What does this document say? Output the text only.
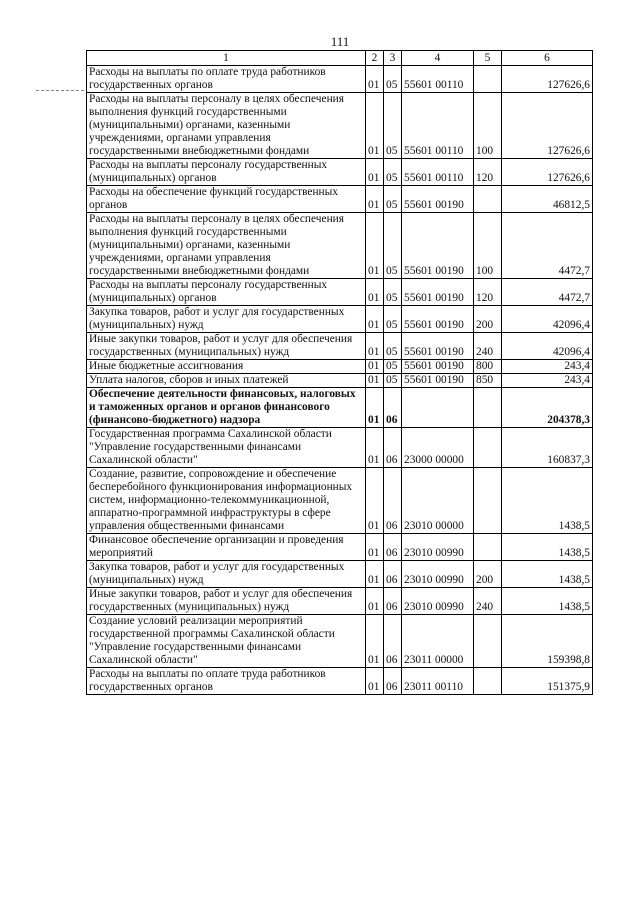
111
1	2	3	4	5	6
Расходы на выплаты по оплате труда работников государственных органов	01	05	55601 00110		127626,6
Расходы на выплаты персоналу в целях обеспечения выполнения функций государственными (муниципальными) органами, казенными учреждениями, органами управления государственными внебюджетными фондами	01	05	55601 00110	100	127626,6
Расходы на выплаты персоналу государственных (муниципальных) органов	01	05	55601 00110	120	127626,6
Расходы на обеспечение функций государственных органов	01	05	55601 00190		46812,5
Расходы на выплаты персоналу в целях обеспечения выполнения функций государственными (муниципальными) органами, казенными учреждениями, органами управления государственными внебюджетными фондами	01	05	55601 00190	100	4472,7
Расходы на выплаты персоналу государственных (муниципальных) органов	01	05	55601 00190	120	4472,7
Закупка товаров, работ и услуг для государственных (муниципальных) нужд	01	05	55601 00190	200	42096,4
Иные закупки товаров, работ и услуг для обеспечения государственных (муниципальных) нужд	01	05	55601 00190	240	42096,4
Иные бюджетные ассигнования	01	05	55601 00190	800	243,4
Уплата налогов, сборов и иных платежей	01	05	55601 00190	850	243,4
Обеспечение деятельности финансовых, налоговых и таможенных органов и органов финансового (финансово-бюджетного) надзора	01	06			204378,3
Государственная программа Сахалинской области "Управление государственными финансами Сахалинской области"	01	06	23000 00000		160837,3
Создание, развитие, сопровождение и обеспечение бесперебойного функционирования информационных систем, информационно-телекоммуникационной, аппаратно-программной инфраструктуры в сфере управления общественными финансами	01	06	23010 00000		1438,5
Финансовое обеспечение организации и проведения мероприятий	01	06	23010 00990		1438,5
Закупка товаров, работ и услуг для государственных (муниципальных) нужд	01	06	23010 00990	200	1438,5
Иные закупки товаров, работ и услуг для обеспечения государственных (муниципальных) нужд	01	06	23010 00990	240	1438,5
Создание условий реализации мероприятий государственной программы Сахалинской области "Управление государственными финансами Сахалинской области"	01	06	23011 00000		159398,8
Расходы на выплаты по оплате труда работников государственных органов	01	06	23011 00110		151375,9
